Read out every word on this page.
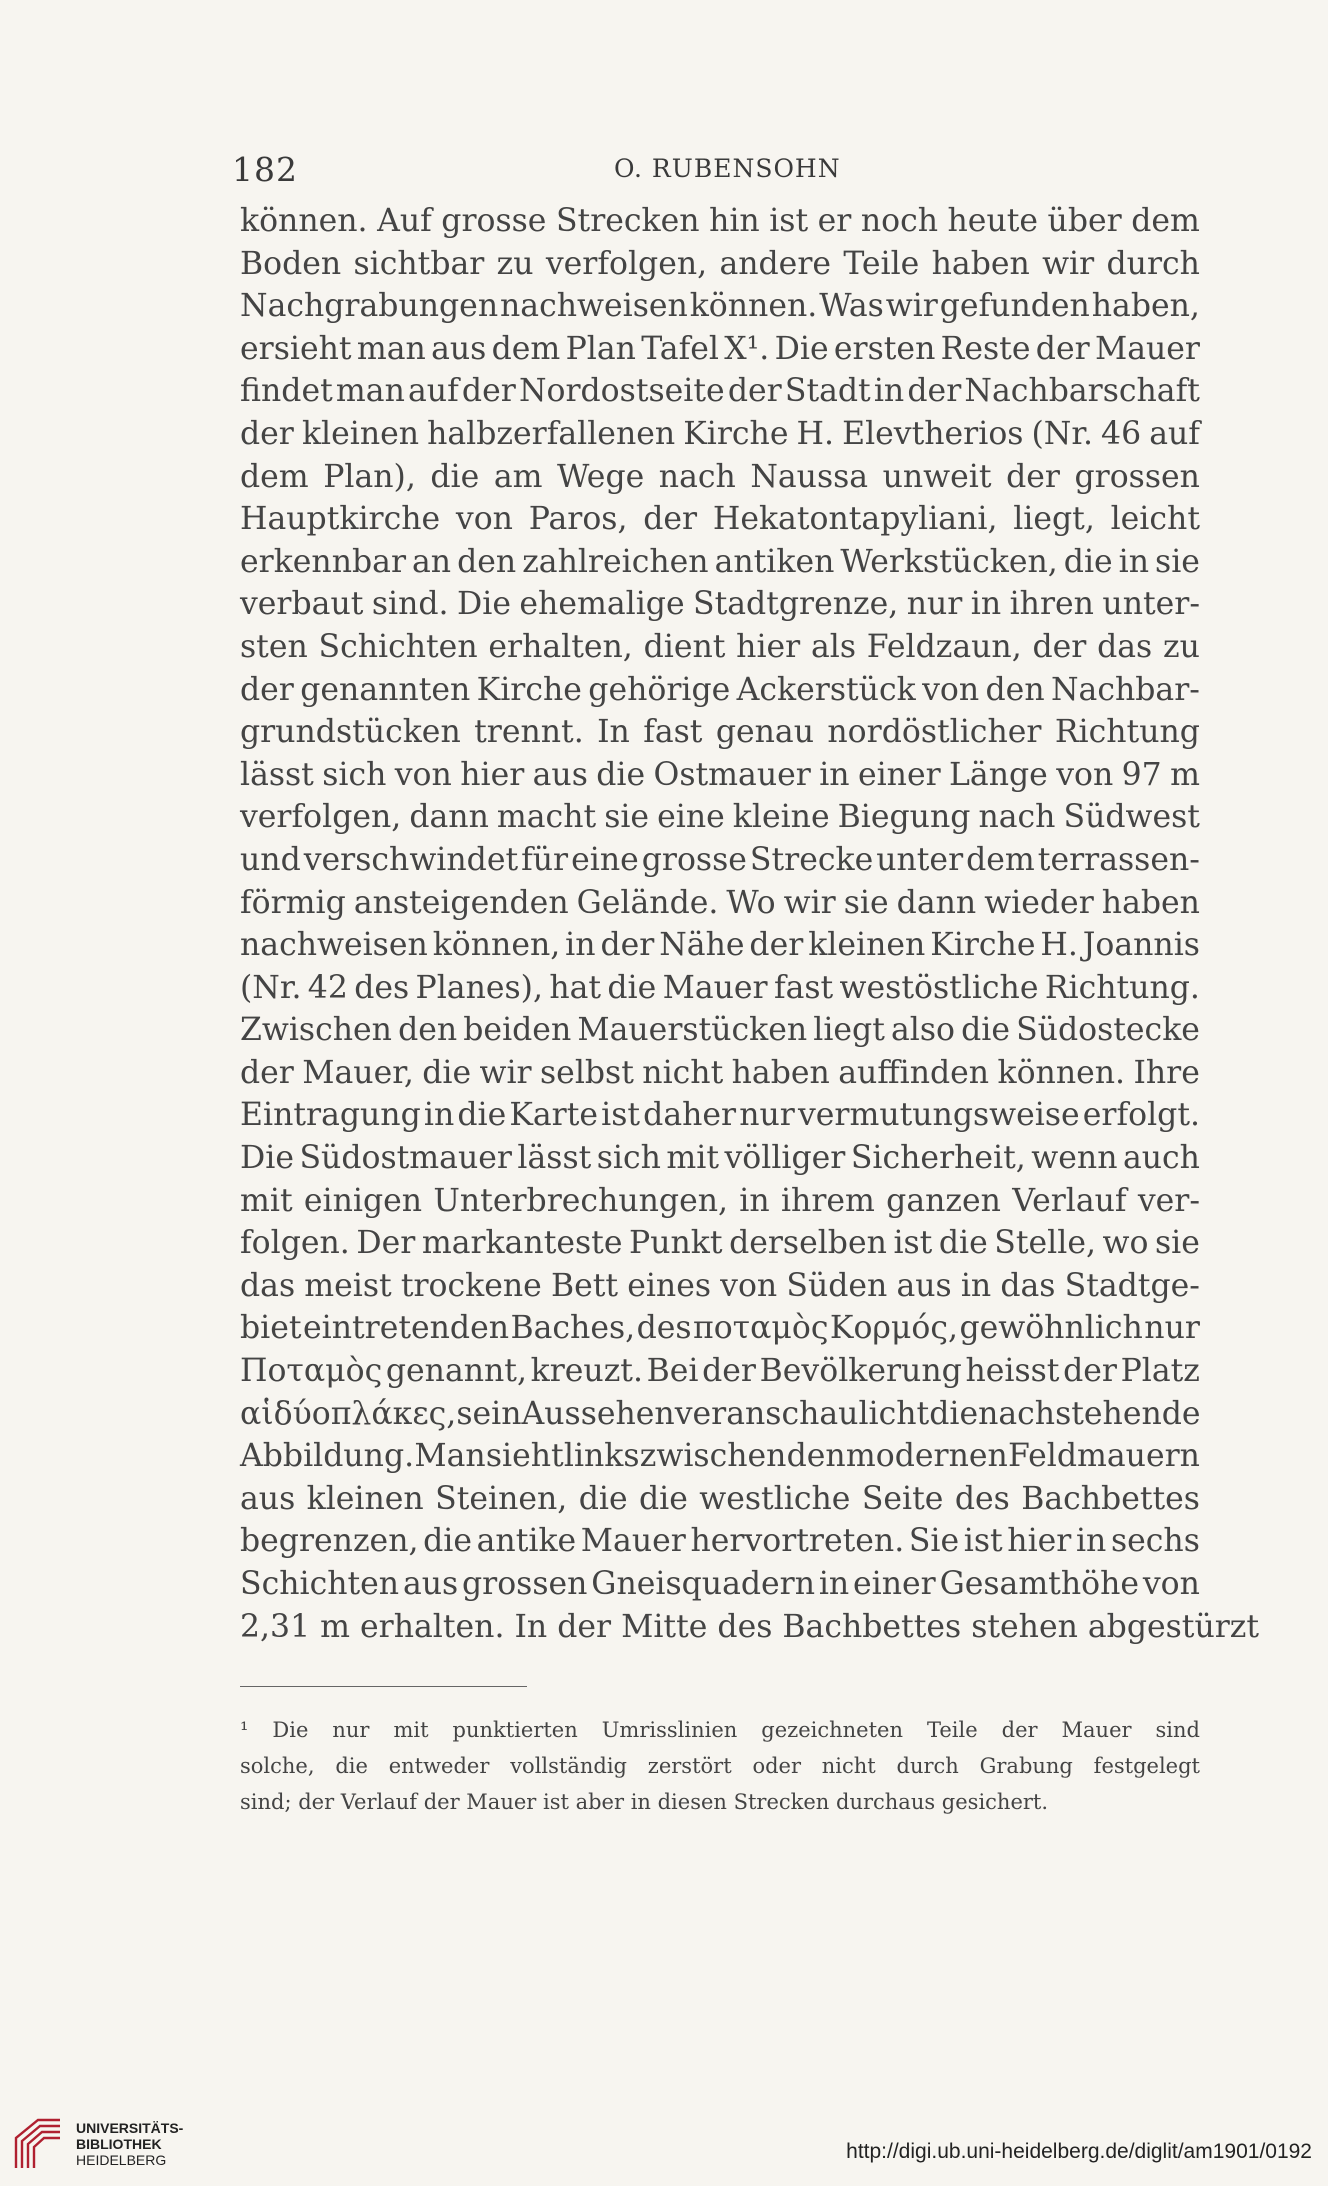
182	O. RUBENSOHN
können. Auf grosse Strecken hin ist er noch heute über dem
Boden sichtbar zu verfolgen, andere Teile haben wir durch
Nachgrabungen nachweisen können. Was wir gefunden haben,
ersieht man aus dem Plan Tafel X¹. Die ersten Reste der Mauer
findet man auf der Nordostseite der Stadt in der Nachbarschaft
der kleinen halbzerfallenen Kirche H. Elevtherios (Nr. 46 auf
dem Plan), die am Wege nach Naussa unweit der grossen
Hauptkirche von Paros, der Hekatontapyliani, liegt, leicht
erkennbar an den zahlreichen antiken Werkstücken, die in sie
verbaut sind. Die ehemalige Stadtgrenze, nur in ihren unter-
sten Schichten erhalten, dient hier als Feldzaun, der das zu
der genannten Kirche gehörige Ackerstück von den Nachbar-
grundstücken trennt. In fast genau nordöstlicher Richtung
lässt sich von hier aus die Ostmauer in einer Länge von 97 m
verfolgen, dann macht sie eine kleine Biegung nach Südwest
und verschwindet für eine grosse Strecke unter dem terrassen-
förmig ansteigenden Gelände. Wo wir sie dann wieder haben
nachweisen können, in der Nähe der kleinen Kirche H. Joannis
(Nr. 42 des Planes), hat die Mauer fast westöstliche Richtung.
Zwischen den beiden Mauerstücken liegt also die Südostecke
der Mauer, die wir selbst nicht haben auffinden können. Ihre
Eintragung in die Karte ist daher nur vermutungsweise erfolgt.
Die Südostmauer lässt sich mit völliger Sicherheit, wenn auch
mit einigen Unterbrechungen, in ihrem ganzen Verlauf ver-
folgen. Der markanteste Punkt derselben ist die Stelle, wo sie
das meist trockene Bett eines von Süden aus in das Stadtge-
biet eintretenden Baches, des ποταμὸς Κορμός, gewöhnlich nur
Ποταμὸς genannt, kreuzt. Bei der Bevölkerung heisst der Platz
αἱ δύο πλάκες, sein Aussehen veranschaulicht die nachstehende
Abbildung. Man sieht links zwischen den modernen Feldmauern
aus kleinen Steinen, die die westliche Seite des Bachbettes
begrenzen, die antike Mauer hervortreten. Sie ist hier in sechs
Schichten aus grossen Gneisquadern in einer Gesamthöhe von
2,31 m erhalten. In der Mitte des Bachbettes stehen abgestürzt
¹ Die nur mit punktierten Umrisslinien gezeichneten Teile der Mauer sind
solche, die entweder vollständig zerstört oder nicht durch Grabung festgelegt
sind; der Verlauf der Mauer ist aber in diesen Strecken durchaus gesichert.
UNIVERSITÄTS-
BIBLIOTHEK
HEIDELBERG	http://digi.ub.uni-heidelberg.de/diglit/am1901/0192
